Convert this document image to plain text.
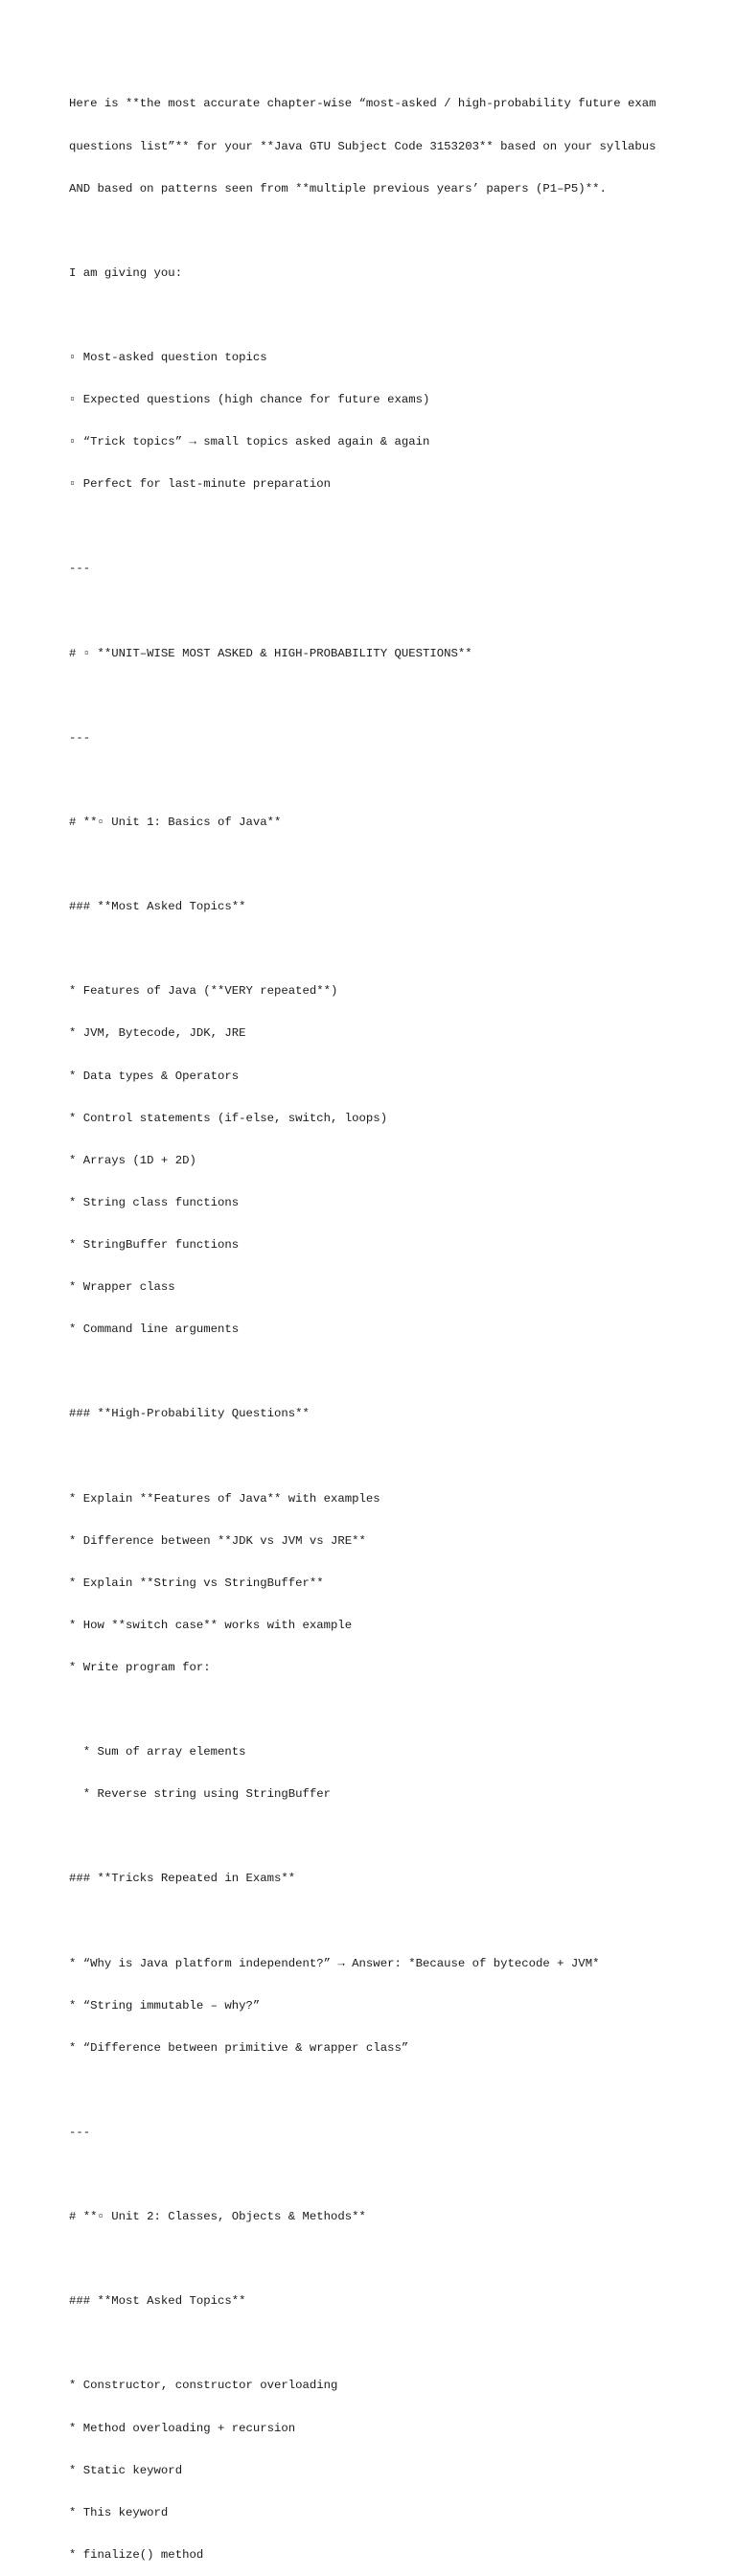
Here is **the most accurate chapter-wise “most-asked / high-probability future exam

questions list”** for your **Java GTU Subject Code 3153203** based on your syllabus

AND based on patterns seen from **multiple previous years’ papers (P1–P5)**.

I am giving you:

▫ Most-asked question topics

▫ Expected questions (high chance for future exams)

▫ “Trick topics” → small topics asked again & again

▫ Perfect for last-minute preparation

---

# ▫ **UNIT–WISE MOST ASKED & HIGH-PROBABILITY QUESTIONS**

---

# **▫ Unit 1: Basics of Java**

### **Most Asked Topics**

* Features of Java (**VERY repeated**)

* JVM, Bytecode, JDK, JRE

* Data types & Operators

* Control statements (if-else, switch, loops)

* Arrays (1D + 2D)

* String class functions

* StringBuffer functions

* Wrapper class

* Command line arguments

### **High-Probability Questions**

* Explain **Features of Java** with examples

* Difference between **JDK vs JVM vs JRE**

* Explain **String vs StringBuffer**

* How **switch case** works with example

* Write program for:

* Sum of array elements

* Reverse string using StringBuffer

### **Tricks Repeated in Exams**

* “Why is Java platform independent?” → Answer: *Because of bytecode + JVM*

* “String immutable – why?”

* “Difference between primitive & wrapper class”

---

# **▫ Unit 2: Classes, Objects & Methods**

### **Most Asked Topics**

* Constructor, constructor overloading

* Method overloading + recursion

* Static keyword

* This keyword

* finalize() method
